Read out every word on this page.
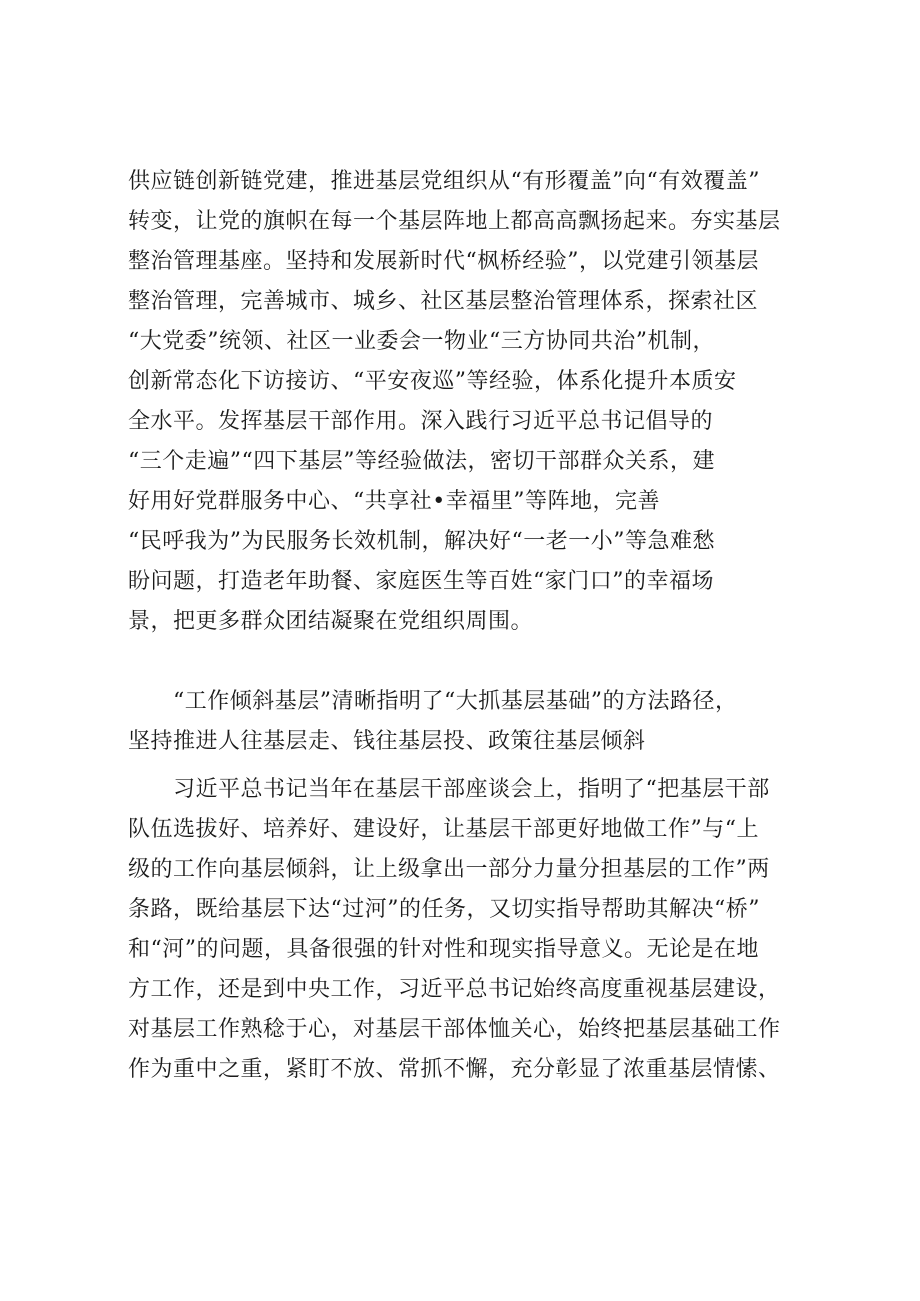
供应链创新链党建，推进基层党组织从“有形覆盖”向“有效覆盖”
转变，让党的旗帜在每一个基层阵地上都高高飘扬起来。夯实基层
整治管理基座。坚持和发展新时代“枫桥经验”，以党建引领基层
整治管理，完善城市、城乡、社区基层整治管理体系，探索社区
“大党委”统领、社区一业委会一物业“三方协同共治”机制，
创新常态化下访接访、“平安夜巡”等经验，体系化提升本质安
全水平。发挥基层干部作用。深入践行习近平总书记倡导的
“三个走遍”“四下基层”等经验做法，密切干部群众关系，建
好用好党群服务中心、“共享社•幸福里”等阵地，完善
“民呼我为”为民服务长效机制，解决好“一老一小”等急难愁
盼问题，打造老年助餐、家庭医生等百姓“家门口”的幸福场
景，把更多群众团结凝聚在党组织周围。
　　“工作倾斜基层”清晰指明了“大抓基层基础”的方法路径，
坚持推进人往基层走、钱往基层投、政策往基层倾斜
　　习近平总书记当年在基层干部座谈会上，指明了“把基层干部
队伍选拔好、培养好、建设好，让基层干部更好地做工作”与“上
级的工作向基层倾斜，让上级拿出一部分力量分担基层的工作”两
条路，既给基层下达“过河”的任务，又切实指导帮助其解决“桥”
和“河”的问题，具备很强的针对性和现实指导意义。无论是在地
方工作，还是到中央工作，习近平总书记始终高度重视基层建设，
对基层工作熟稔于心，对基层干部体恤关心，始终把基层基础工作
作为重中之重，紧盯不放、常抓不懈，充分彰显了浓重基层情愫、
